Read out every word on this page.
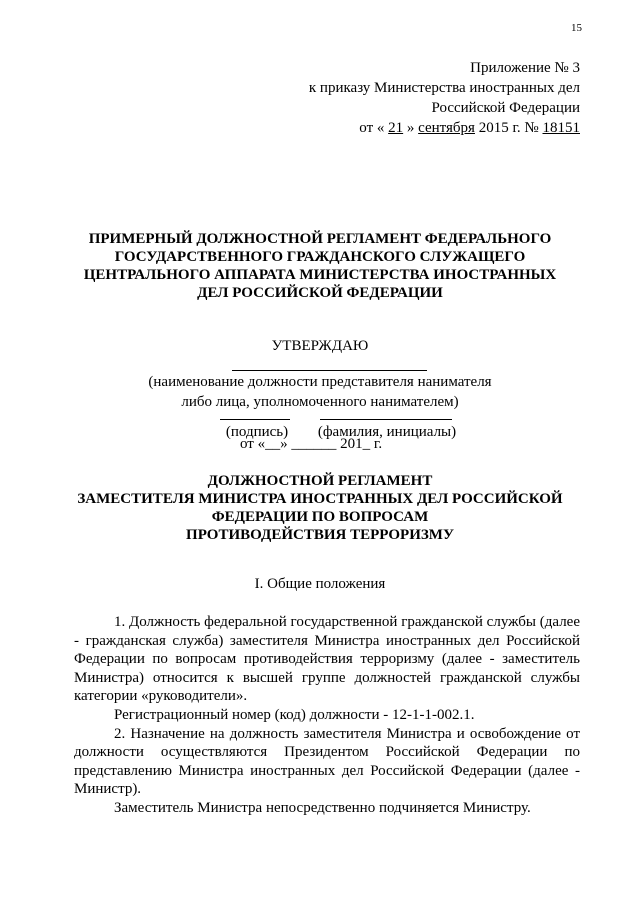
15
Приложение № 3
к приказу Министерства иностранных дел
Российской Федерации
от « 21 » сентября 2015 г. № 18151
ПРИМЕРНЫЙ ДОЛЖНОСТНОЙ РЕГЛАМЕНТ ФЕДЕРАЛЬНОГО
ГОСУДАРСТВЕННОГО ГРАЖДАНСКОГО СЛУЖАЩЕГО
ЦЕНТРАЛЬНОГО АППАРАТА МИНИСТЕРСТВА ИНОСТРАННЫХ
ДЕЛ РОССИЙСКОЙ ФЕДЕРАЦИИ
УТВЕРЖДАЮ
(наименование должности представителя нанимателя
либо лица, уполномоченного нанимателем)
(подпись)	(фамилия, инициалы)
от «__» ______ 201_ г.
ДОЛЖНОСТНОЙ РЕГЛАМЕНТ
ЗАМЕСТИТЕЛЯ МИНИСТРА ИНОСТРАННЫХ ДЕЛ РОССИЙСКОЙ
ФЕДЕРАЦИИ ПО ВОПРОСАМ
ПРОТИВОДЕЙСТВИЯ ТЕРРОРИЗМУ
I. Общие положения

1. Должность федеральной государственной гражданской службы (далее - гражданская служба) заместителя Министра иностранных дел Российской Федерации по вопросам противодействия терроризму (далее - заместитель Министра) относится к высшей группе должностей гражданской службы категории «руководители».

Регистрационный номер (код) должности - 12-1-1-002.1.

2. Назначение на должность заместителя Министра и освобождение от должности осуществляются Президентом Российской Федерации по представлению Министра иностранных дел Российской Федерации (далее - Министр).

Заместитель Министра непосредственно подчиняется Министру.
